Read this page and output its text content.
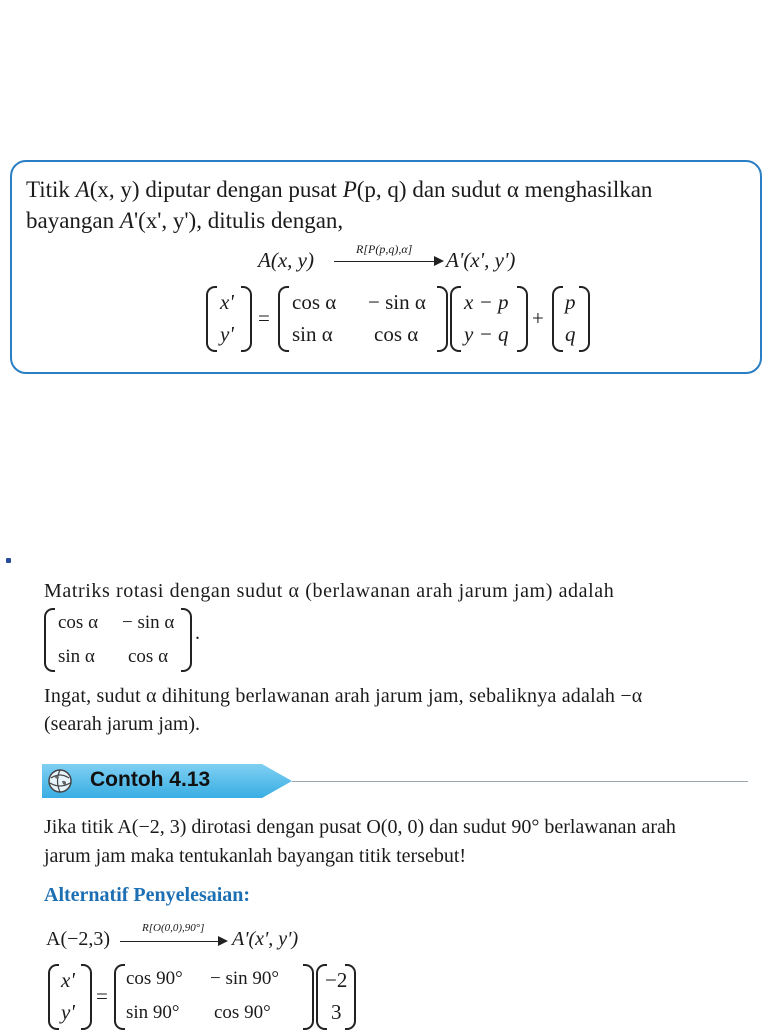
Titik A(x, y) diputar dengan pusat P(p, q) dan sudut α menghasilkan
bayangan A'(x', y'), ditulis dengan,
A(x, y)	R[P(p,q),α] A'(x', y')
x'
y'
=
cos α − sin α
sin α cos α
x − p
y − q
+
p
q
Matriks rotasi dengan sudut α (berlawanan arah jarum jam) adalah
cos α − sin α
sin α cos α
.
Ingat, sudut α dihitung berlawanan arah jarum jam, sebaliknya adalah −α
(searah jarum jam).
Contoh 4.13
Jika titik A(−2, 3) dirotasi dengan pusat O(0, 0) dan sudut 90° berlawanan arah
jarum jam maka tentukanlah bayangan titik tersebut!
Alternatif Penyelesaian:
A(−2,3)	R[O(0,0),90°] A'(x', y')
x'
y'
=
cos 90° − sin 90°
sin 90° cos 90°
−2
3
